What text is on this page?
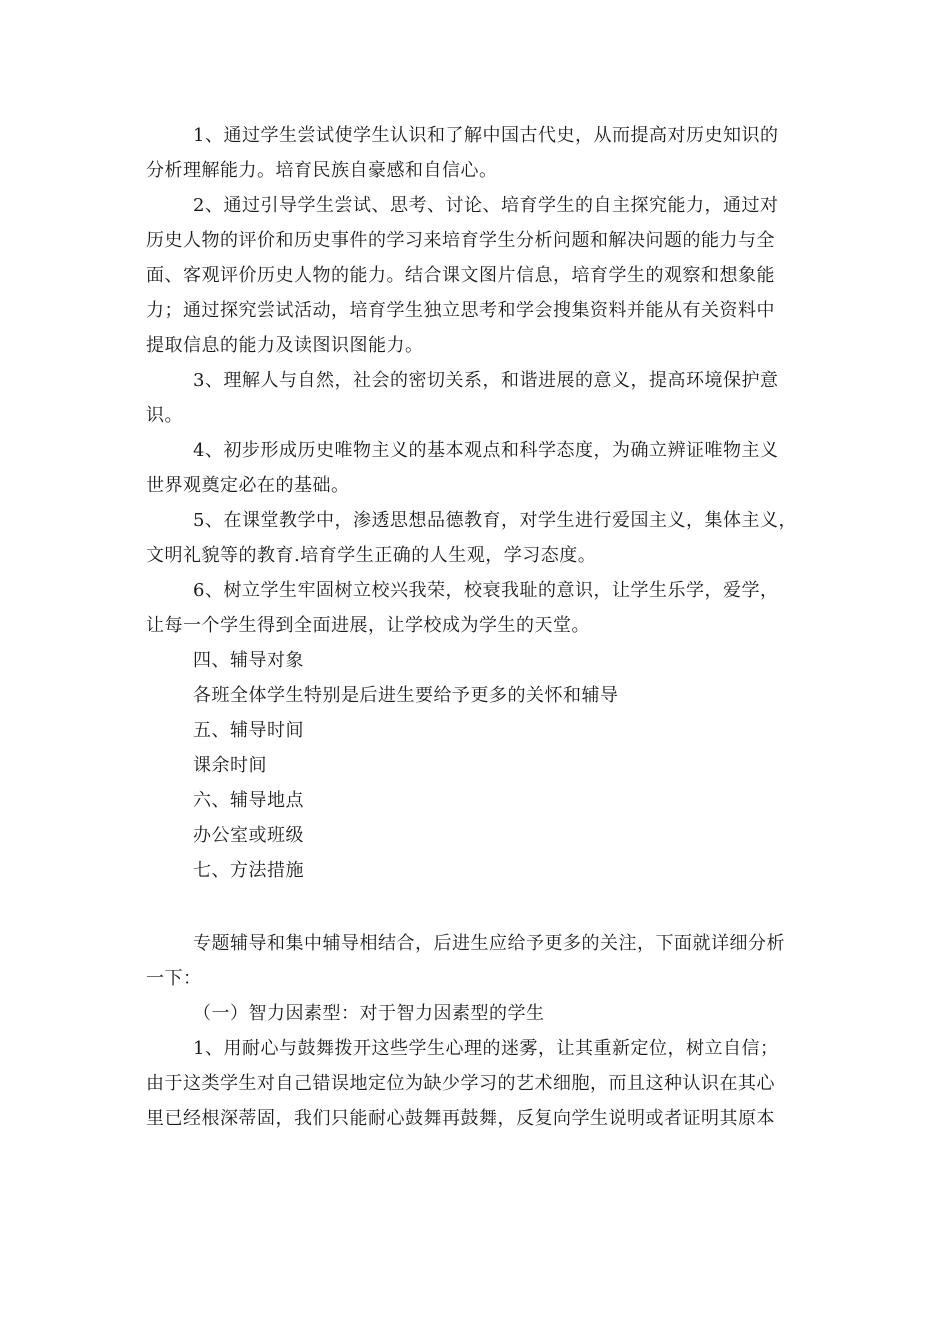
1、通过学生尝试使学生认识和了解中国古代史，从而提高对历史知识的
分析理解能力。培育民族自豪感和自信心。
2、通过引导学生尝试、思考、讨论、培育学生的自主探究能力，通过对
历史人物的评价和历史事件的学习来培育学生分析问题和解决问题的能力与全
面、客观评价历史人物的能力。结合课文图片信息，培育学生的观察和想象能
力；通过探究尝试活动，培育学生独立思考和学会搜集资料并能从有关资料中
提取信息的能力及读图识图能力。
3、理解人与自然，社会的密切关系，和谐进展的意义，提高环境保护意
识。
4、初步形成历史唯物主义的基本观点和科学态度，为确立辨证唯物主义
世界观奠定必在的基础。
5、在课堂教学中，渗透思想品德教育，对学生进行爱国主义，集体主义，
文明礼貌等的教育.培育学生正确的人生观，学习态度。
6、树立学生牢固树立校兴我荣，校衰我耻的意识，让学生乐学，爱学，
让每一个学生得到全面进展，让学校成为学生的天堂。
四、辅导对象
各班全体学生特别是后进生要给予更多的关怀和辅导
五、辅导时间
课余时间
六、辅导地点
办公室或班级
七、方法措施
专题辅导和集中辅导相结合，后进生应给予更多的关注，下面就详细分析
一下：
（一）智力因素型：对于智力因素型的学生
1、用耐心与鼓舞拨开这些学生心理的迷雾，让其重新定位，树立自信；
由于这类学生对自己错误地定位为缺少学习的艺术细胞，而且这种认识在其心
里已经根深蒂固，我们只能耐心鼓舞再鼓舞，反复向学生说明或者证明其原本
